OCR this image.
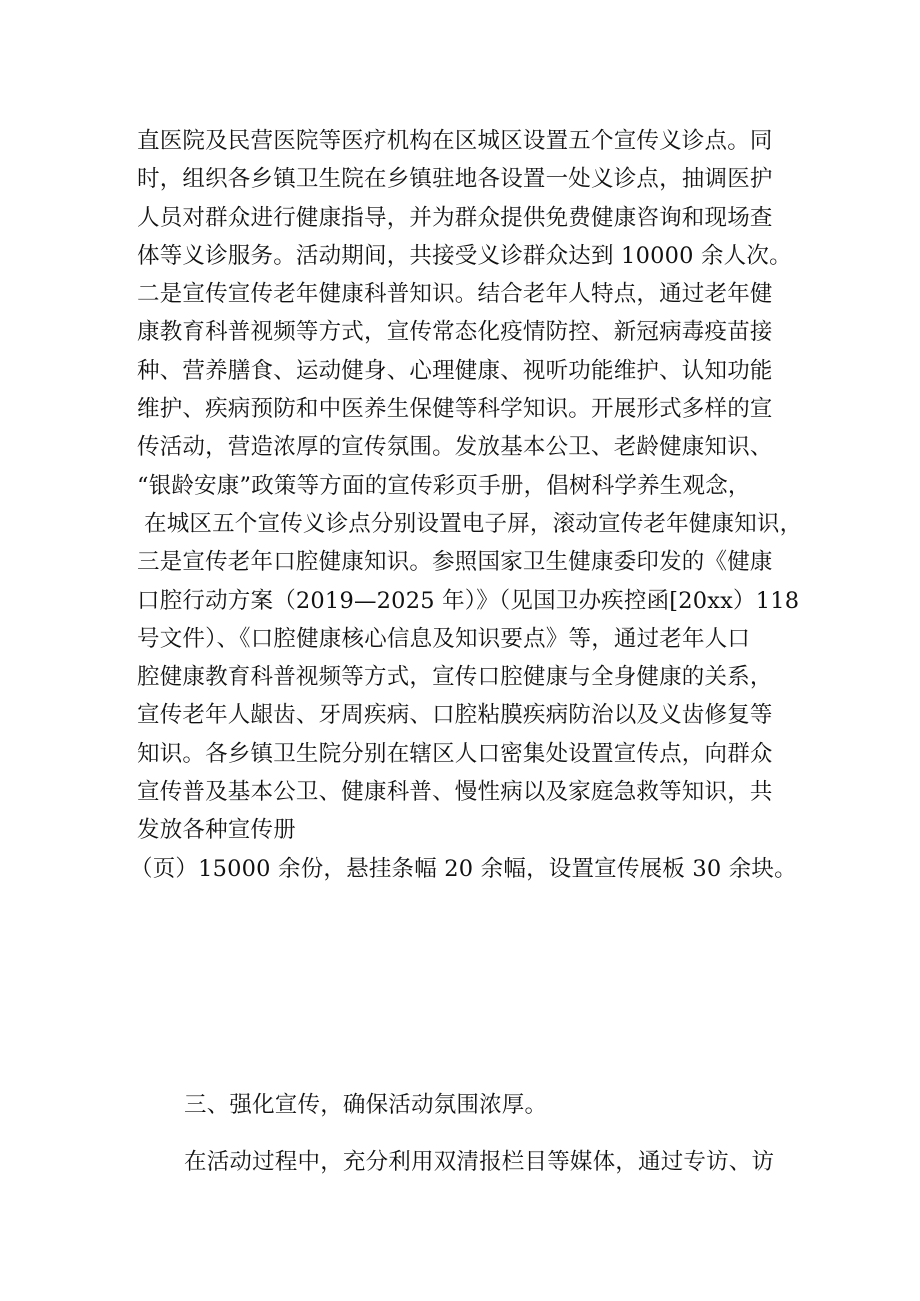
直医院及民营医院等医疗机构在区城区设置五个宣传义诊点。同
时，组织各乡镇卫生院在乡镇驻地各设置一处义诊点，抽调医护
人员对群众进行健康指导，并为群众提供免费健康咨询和现场查
体等义诊服务。活动期间，共接受义诊群众达到 10000 余人次。
二是宣传宣传老年健康科普知识。结合老年人特点，通过老年健
康教育科普视频等方式，宣传常态化疫情防控、新冠病毒疫苗接
种、营养膳食、运动健身、心理健康、视听功能维护、认知功能
维护、疾病预防和中医养生保健等科学知识。开展形式多样的宣
传活动，营造浓厚的宣传氛围。发放基本公卫、老龄健康知识、
“银龄安康”政策等方面的宣传彩页手册，倡树科学养生观念，
在城区五个宣传义诊点分别设置电子屏，滚动宣传老年健康知识，
三是宣传老年口腔健康知识。参照国家卫生健康委印发的《健康
口腔行动方案（2019—2025 年）》（见国卫办疾控函[20xx）118
号文件）、《口腔健康核心信息及知识要点》等，通过老年人口
腔健康教育科普视频等方式，宣传口腔健康与全身健康的关系，
宣传老年人龈齿、牙周疾病、口腔粘膜疾病防治以及义齿修复等
知识。各乡镇卫生院分别在辖区人口密集处设置宣传点，向群众
宣传普及基本公卫、健康科普、慢性病以及家庭急救等知识，共
发放各种宣传册
（页）15000 余份，悬挂条幅 20 余幅，设置宣传展板 30 余块。
三、强化宣传，确保活动氛围浓厚。
在活动过程中，充分利用双清报栏目等媒体，通过专访、访
